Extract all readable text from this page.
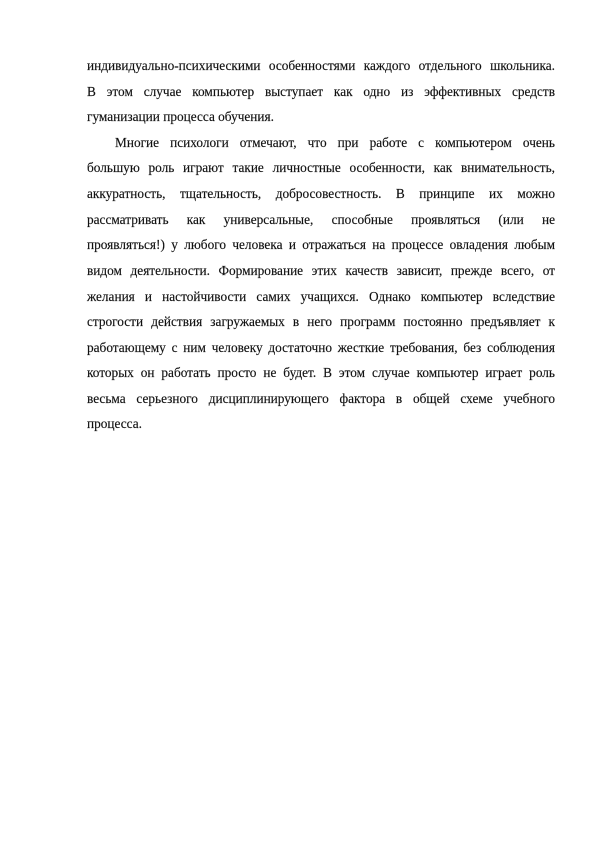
индивидуально-психическими особенностями каждого отдельного школьника.

В этом случае компьютер выступает как одно из эффективных средств

гуманизации процесса обучения.

Многие психологи отмечают, что при работе с компьютером очень

большую роль играют такие личностные особенности, как внимательность,

аккуратность, тщательность, добросовестность. В принципе их можно

рассматривать как универсальные, способные проявляться (или не

проявляться!) у любого человека и отражаться на процессе овладения любым

видом деятельности. Формирование этих качеств зависит, прежде всего, от

желания и настойчивости самих учащихся. Однако компьютер вследствие

строгости действия загружаемых в него программ постоянно предъявляет к

работающему с ним человеку достаточно жесткие требования, без соблюдения

которых он работать просто не будет. В этом случае компьютер играет роль

весьма серьезного дисциплинирующего фактора в общей схеме учебного

процесса.
